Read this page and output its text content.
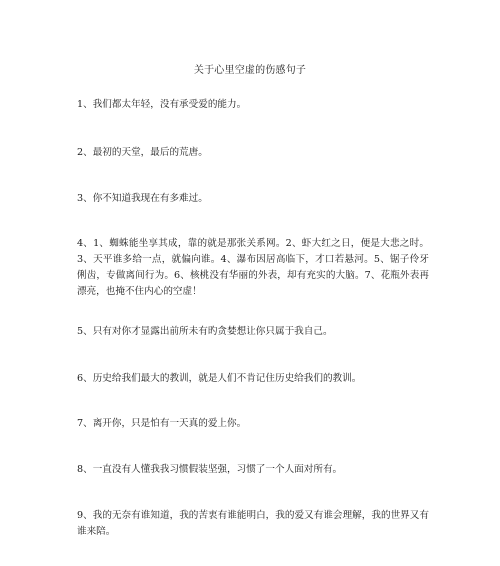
关于心里空虚的伤感句子
1、我们都太年轻，没有承受爱的能力。
2、最初的天堂，最后的荒唐。
3、你不知道我现在有多难过。
4、1、蜘蛛能坐享其成，靠的就是那张关系网。2、虾大红之日，便是大悲之时。3、天平谁多给一点，就偏向谁。4、瀑布因居高临下，才口若悬河。5、锯子伶牙俐齿，专做离间行为。6、核桃没有华丽的外表，却有充实的大脑。7、花瓶外表再漂亮，也掩不住内心的空虚！
5、只有对你才显露出前所未有旳贪婪想让你只属于我自己。
6、历史给我们最大的教训，就是人们不肯记住历史给我们的教训。
7、离开你，只是怕有一天真的爱上你。
8、一直没有人懂我我习惯假装坚强，习惯了一个人面对所有。
9、我的无奈有谁知道，我的苦衷有谁能明白，我的爱又有谁会理解，我的世界又有谁来陪。
